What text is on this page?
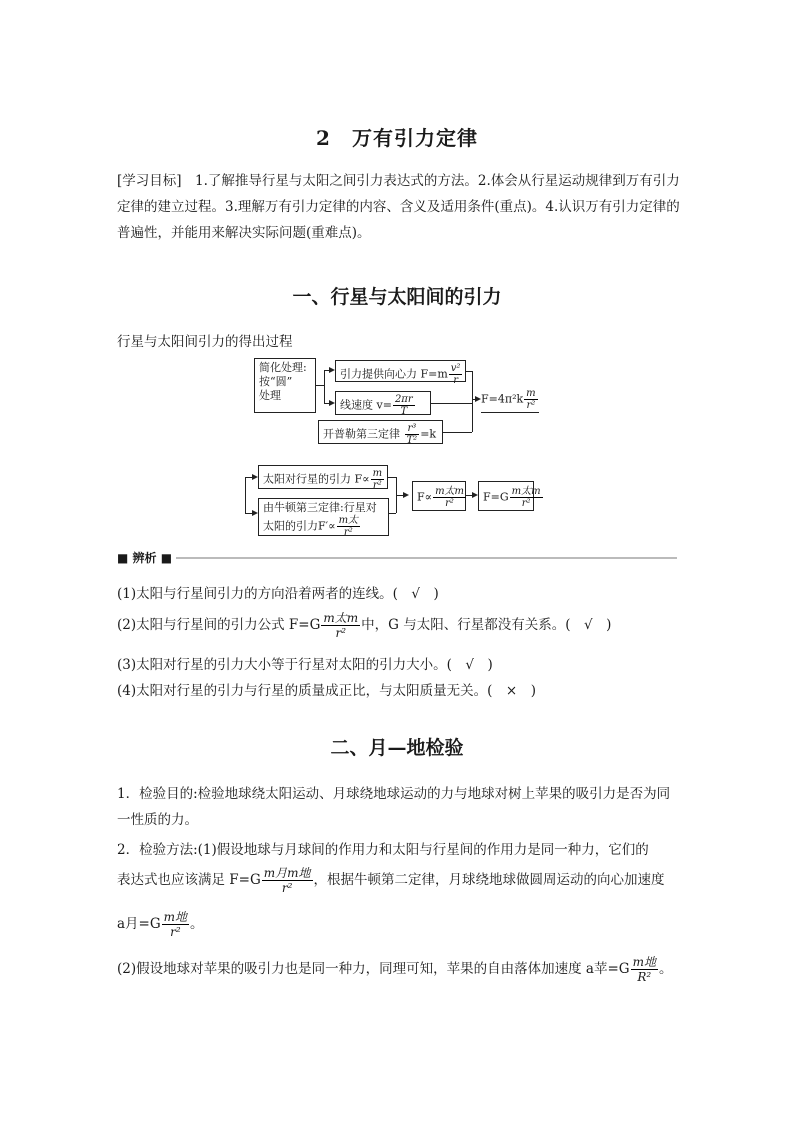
2　万有引力定律
[学习目标]　1.了解推导行星与太阳之间引力表达式的方法。2.体会从行星运动规律到万有引力定律的建立过程。3.理解万有引力定律的内容、含义及适用条件(重点)。4.认识万有引力定律的普遍性，并能用来解决实际问题(重难点)。
一、行星与太阳间的引力
行星与太阳间引力的得出过程
简化处理:
按“圆”
处理
引力提供向心力 $F=m \frac{\text{v²}}{r}$
线速度 $v= \frac{2\pi r}{T}$
开普勒第三定律 $\frac{\text{r³}}{\text{T²}} =k$
$F=4\pi^2k \frac{m}{\text{r²}}$
太阳对行星的引力 $F\propto \frac{m}{\text{r²}}$
由牛顿第三定律:行星对
太阳的引力$F'\propto \frac{\text{m太}}{\text{r²}}$
$F\propto \frac{\text{m太m}}{\text{r²}}$	$F=G \frac{\text{m太m}}{\text{r²}}$
■ 辨析 ■
(1)太阳与行星间引力的方向沿着两者的连线。(　√　)
(2)太阳与行星间的引力公式 $F=G \frac{\text{m太m}}{\text{r²}}$ 中，G 与太阳、行星都没有关系。(　√　)
(3)太阳对行星的引力大小等于行星对太阳的引力大小。(　√　)
(4)太阳对行星的引力与行星的质量成正比，与太阳质量无关。(　×　)
二、月—地检验
1．检验目的:检验地球绕太阳运动、月球绕地球运动的力与地球对树上苹果的吸引力是否为同一性质的力。
2．检验方法:(1)假设地球与月球间的作用力和太阳与行星间的作用力是同一种力，它们的
表达式也应该满足 $F=G \frac{\text{m月m地}}{\text{r²}}$ ，根据牛顿第二定律，月球绕地球做圆周运动的向心加速度
a月$=G \frac{\text{m地}}{\text{r²}}$ 。
(2)假设地球对苹果的吸引力也是同一种力，同理可知，苹果的自由落体加速度 a苹$=G \frac{\text{m地}}{\text{R²}}$ 。
